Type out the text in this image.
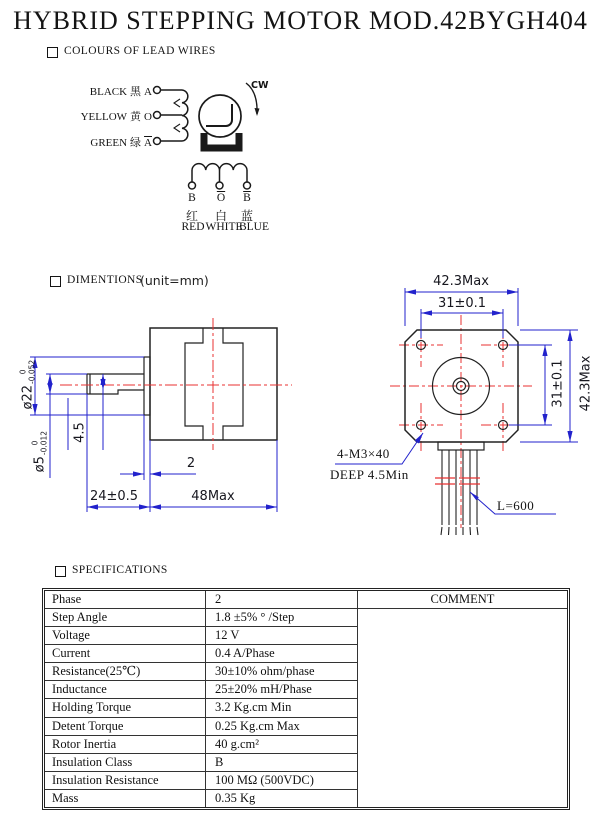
HYBRID STEPPING MOTOR MOD.42BYGH404
COLOURS OF LEAD WIRES
BLACK 黑 A
YELLOW 黄 O
GREEN 绿 $\overline{A}$
CW
B	$\overline{O}$	$\overline{B}$
红	白	蓝
RED WHITE
BLUE
DIMENTIONS
(unit=mm)
ø22
0 -0.052
ø5
0 -0.012 4.5
2
24±0.5	48Max
42.3Max
31±0.1
31±0.1 42.3Max
4-M3×40
DEEP 4.5Min
L=600
SPECIFICATIONS
Phase	2
Step Angle	1.8 ±5% ° /Step
Voltage	12 V
Current	0.4 A/Phase
Resistance(25℃)	30±10% ohm/phase
Inductance	25±20% mH/Phase
Holding Torque	3.2 Kg.cm Min
Detent Torque	0.25 Kg.cm Max
Rotor Inertia	40 g.cm²
Insulation Class	B
Insulation Resistance	100 MΩ (500VDC)
Mass	0.35 Kg
COMMENT
